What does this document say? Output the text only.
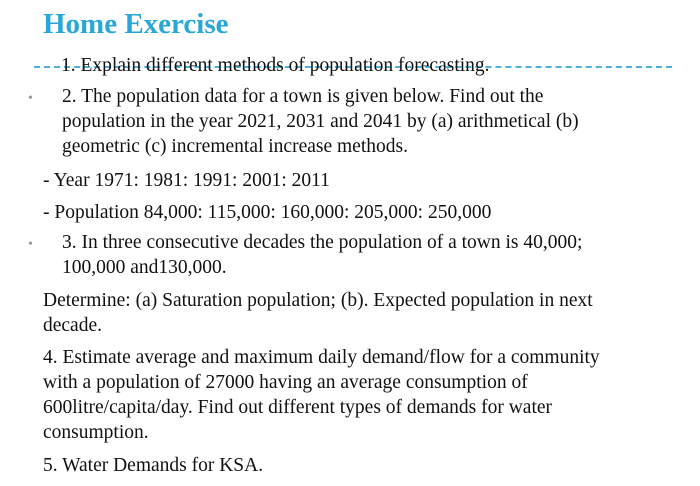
Home Exercise
1. Explain different methods of population forecasting.
• 2. The population data for a town is given below. Find out the
population in the year 2021, 2031 and 2041 by (a) arithmetical (b)
geometric (c) incremental increase methods.
- Year 1971: 1981: 1991: 2001: 2011
- Population 84,000: 115,000: 160,000: 205,000: 250,000
• 3. In three consecutive decades the population of a town is 40,000;
100,000 and130,000.
Determine: (a) Saturation population; (b). Expected population in next
decade.
4. Estimate average and maximum daily demand/flow for a community
with a population of 27000 having an average consumption of
600litre/capita/day. Find out different types of demands for water
consumption.
5. Water Demands for KSA.
